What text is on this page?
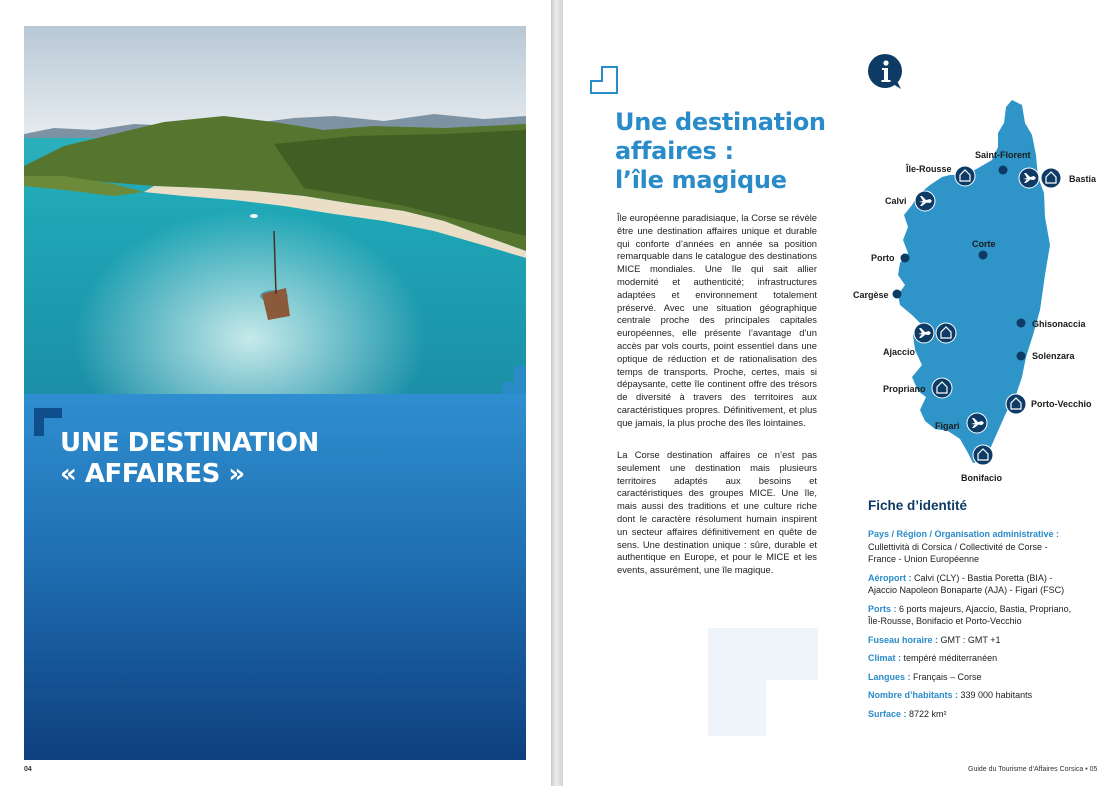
UNE DESTINATION
« AFFAIRES »
04
Une destination
affaires :
l’île magique

Île européenne paradisiaque, la Corse se révèle être une destination affaires unique et durable qui conforte d’années en année sa position remarquable dans le catalogue des destinations MICE mondiales. Une île qui sait allier modernité et authenticité; infrastructures adaptées et environnement totalement préservé. Avec une situation géographique centrale proche des principales capitales européennes, elle présente l’avantage d’un accès par vols courts, point essentiel dans une optique de réduction et de rationalisation des temps de transports. Proche, certes, mais si dépaysante, cette île continent offre des trésors de diversité à travers des territoires aux caractéristiques propres. Définitivement, et plus que jamais, la plus proche des îles lointaines.

La Corse destination affaires ce n’est pas seulement une destination mais plusieurs territoires adaptés aux besoins et caractéristiques des groupes MICE. Une île, mais aussi des traditions et une culture riche dont le caractère résolument humain inspirent un secteur affaires définitivement en quête de sens. Une destination unique : sûre, durable et authentique en Europe, et pour le MICE et les events, assurément, une île magique.

Saint-Florent
Île-Rousse
Bastia
Calvi
Corte
Porto
Cargèse
Ghisonaccia
Ajaccio	Solenzara
Propriano
Porto-Vecchio
Figari
Bonifacio
Fiche d’identité
Pays / Région / Organisation administrative :
Cullettività di Corsica / Collectivité de Corse - France - Union Européenne
Aéroport : Calvi (CLY) - Bastia Poretta (BIA) - Ajaccio Napoleon Bonaparte (AJA) - Figari (FSC)
Ports : 6 ports majeurs, Ajaccio, Bastia, Propriano, Île-Rousse, Bonifacio et Porto-Vecchio
Fuseau horaire : GMT : GMT +1
Climat : tempéré méditerranéen
Langues : Français – Corse
Nombre d’habitants : 339 000 habitants
Surface : 8722 km²
Guide du Tourisme d’Affaires Corsica • 05
